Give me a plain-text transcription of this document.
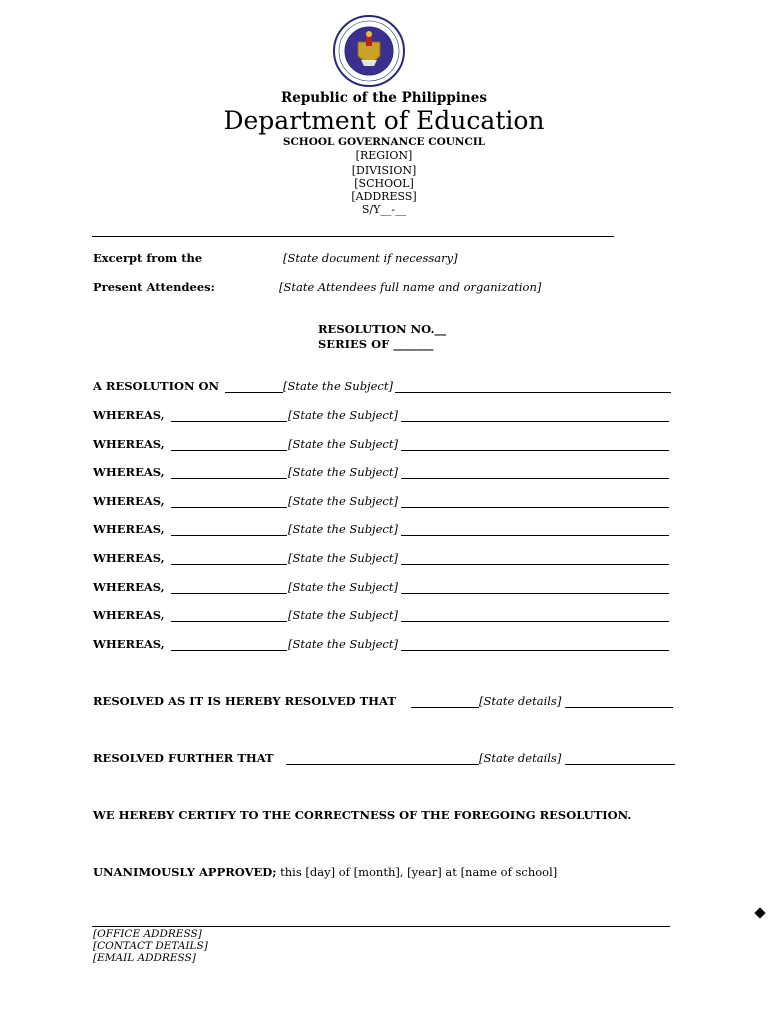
Republic of the Philippines
Department of Education
SCHOOL GOVERNANCE COUNCIL
[REGION]
[DIVISION]
[SCHOOL]
[ADDRESS]
S/Y__-__
Excerpt from the	[State document if necessary]
Present Attendees:	[State Attendees full name and organization]
RESOLUTION NO.__
SERIES OF _______
A RESOLUTION ON	[State the Subject]
WHEREAS,	[State the Subject]
WHEREAS,	[State the Subject]
WHEREAS,	[State the Subject]
WHEREAS,	[State the Subject]
WHEREAS,	[State the Subject]
WHEREAS,	[State the Subject]
WHEREAS,	[State the Subject]
WHEREAS,	[State the Subject]
WHEREAS,	[State the Subject]
RESOLVED AS IT IS HEREBY RESOLVED THAT	[State details]
RESOLVED FURTHER THAT	[State details]
WE HEREBY CERTIFY TO THE CORRECTNESS OF THE FOREGOING RESOLUTION.
UNANIMOUSLY APPROVED; this [day] of [month], [year] at [name of school]
[OFFICE ADDRESS]
[CONTACT DETAILS]
[EMAIL ADDRESS]
